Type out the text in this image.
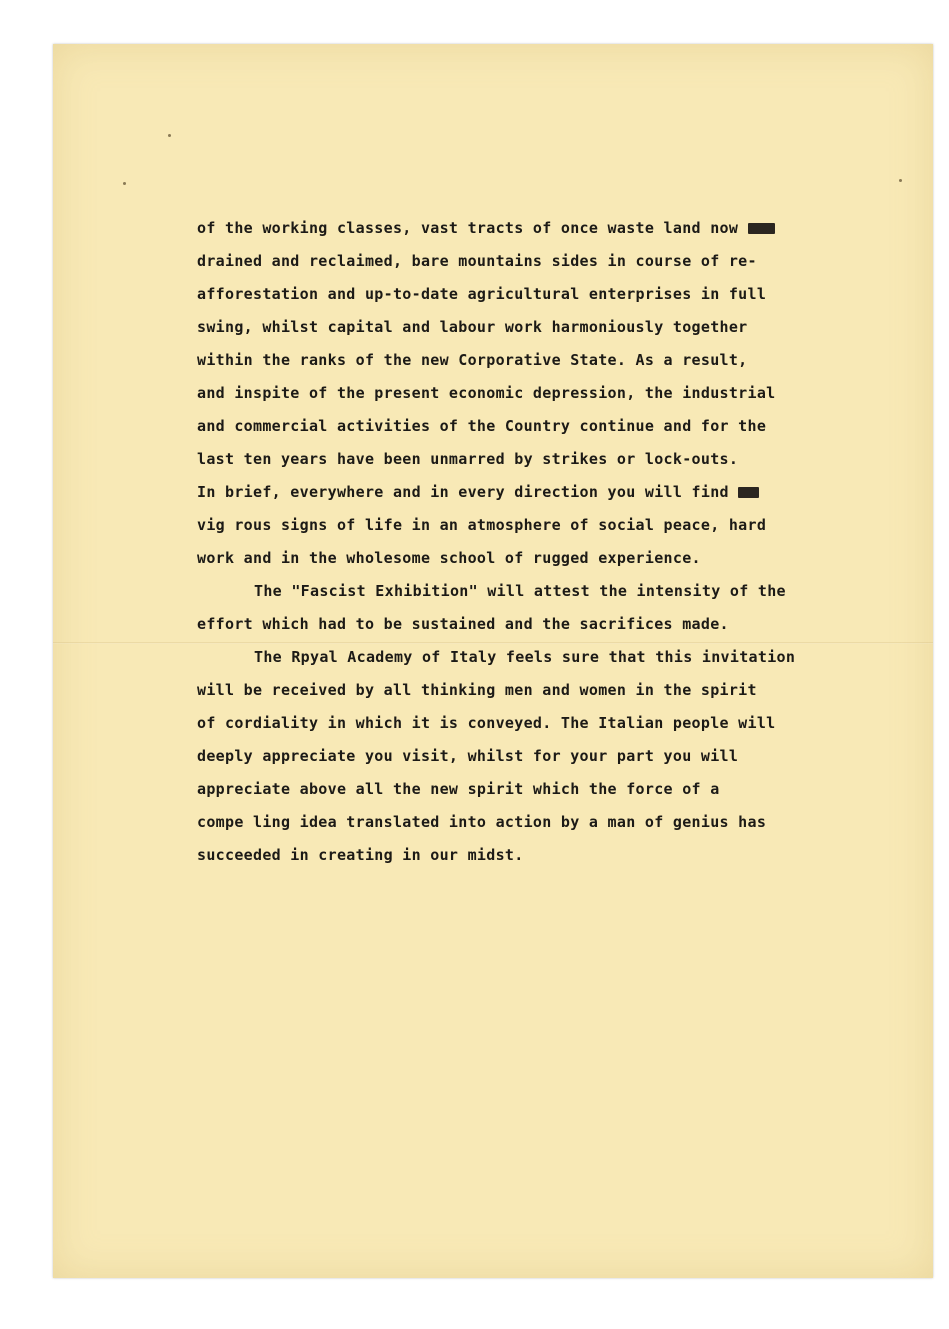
of the working classes, vast tracts of once waste land now drxh
drained and reclaimed, bare mountains sides in course of re-
afforestation and up-to-date agricultural enterprises in full
swing, whilst capital and labour work harmoniously together
within the ranks of the new Corporative State. As a result,
and inspite of the present economic depression, the industrial
and commercial activities of the Country continue and for the
last ten years have been unmarred by strikes or lock-outs.
In brief, everywhere and in every direction you will find the
vig rous signs of life in an atmosphere of social peace, hard
work and in the wholesome school of rugged experience.
The "Fascist Exhibition" will attest the intensity of the
effort which had to be sustained and the sacrifices made.
The Rpyal Academy of Italy feels sure that this invitation
will be received by all thinking men and women in the spirit
of cordiality in which it is conveyed. The Italian people will
deeply appreciate you visit, whilst for your part you will
appreciate above all the new spirit which the force of a
compe ling idea translated into action by a man of genius has
succeeded in creating in our midst.
